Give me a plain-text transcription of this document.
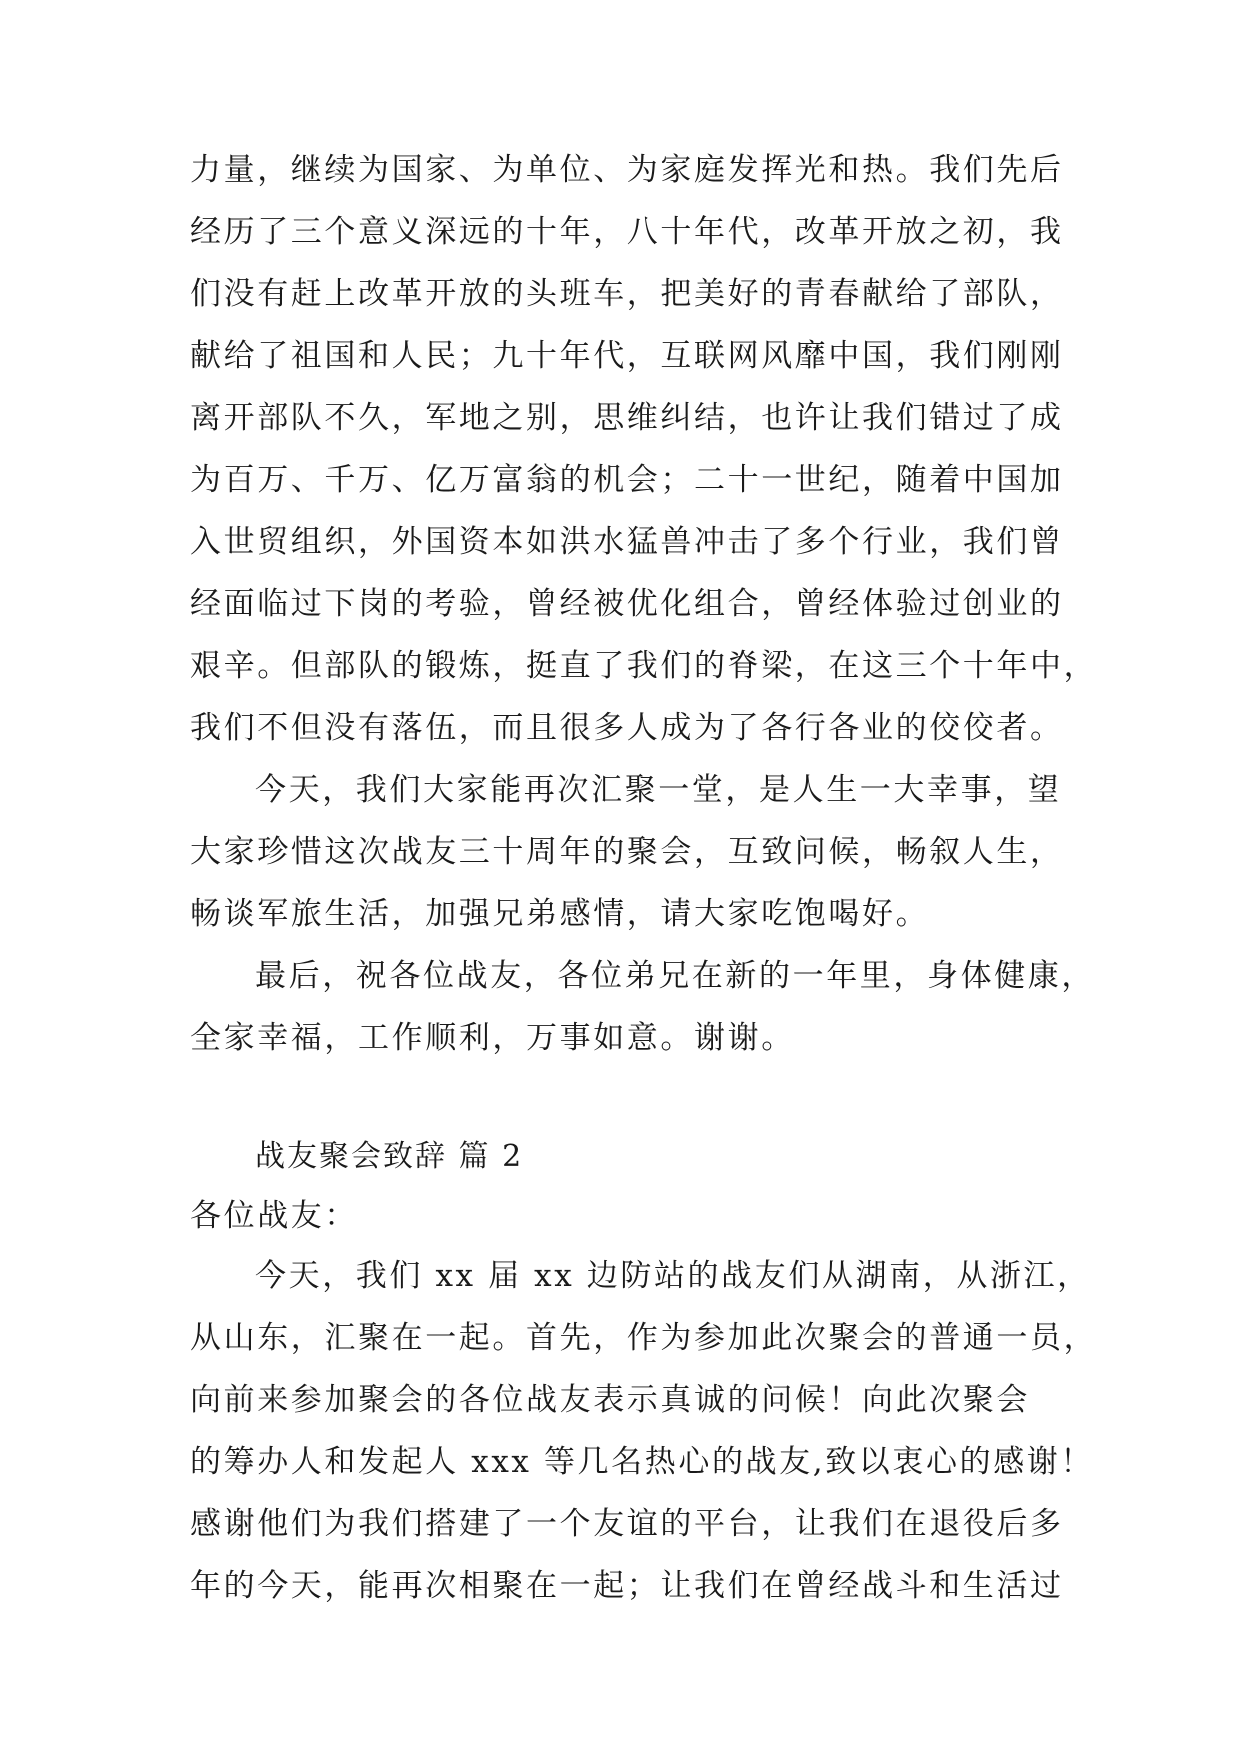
力量，继续为国家、为单位、为家庭发挥光和热。我们先后
经历了三个意义深远的十年，八十年代，改革开放之初，我
们没有赶上改革开放的头班车，把美好的青春献给了部队，
献给了祖国和人民；九十年代，互联网风靡中国，我们刚刚
离开部队不久，军地之别，思维纠结，也许让我们错过了成
为百万、千万、亿万富翁的机会；二十一世纪，随着中国加
入世贸组织，外国资本如洪水猛兽冲击了多个行业，我们曾
经面临过下岗的考验，曾经被优化组合，曾经体验过创业的
艰辛。但部队的锻炼，挺直了我们的脊梁，在这三个十年中，
我们不但没有落伍，而且很多人成为了各行各业的佼佼者。
今天，我们大家能再次汇聚一堂，是人生一大幸事，望
大家珍惜这次战友三十周年的聚会，互致问候，畅叙人生，
畅谈军旅生活，加强兄弟感情，请大家吃饱喝好。
最后，祝各位战友，各位弟兄在新的一年里，身体健康，
全家幸福，工作顺利，万事如意。谢谢。
战友聚会致辞 篇 2
各位战友：
今天，我们 xx 届 xx 边防站的战友们从湖南，从浙江，
从山东，汇聚在一起。首先，作为参加此次聚会的普通一员，
向前来参加聚会的各位战友表示真诚的问候！向此次聚会
的筹办人和发起人 xxx 等几名热心的战友,致以衷心的感谢！
感谢他们为我们搭建了一个友谊的平台，让我们在退役后多
年的今天，能再次相聚在一起；让我们在曾经战斗和生活过
